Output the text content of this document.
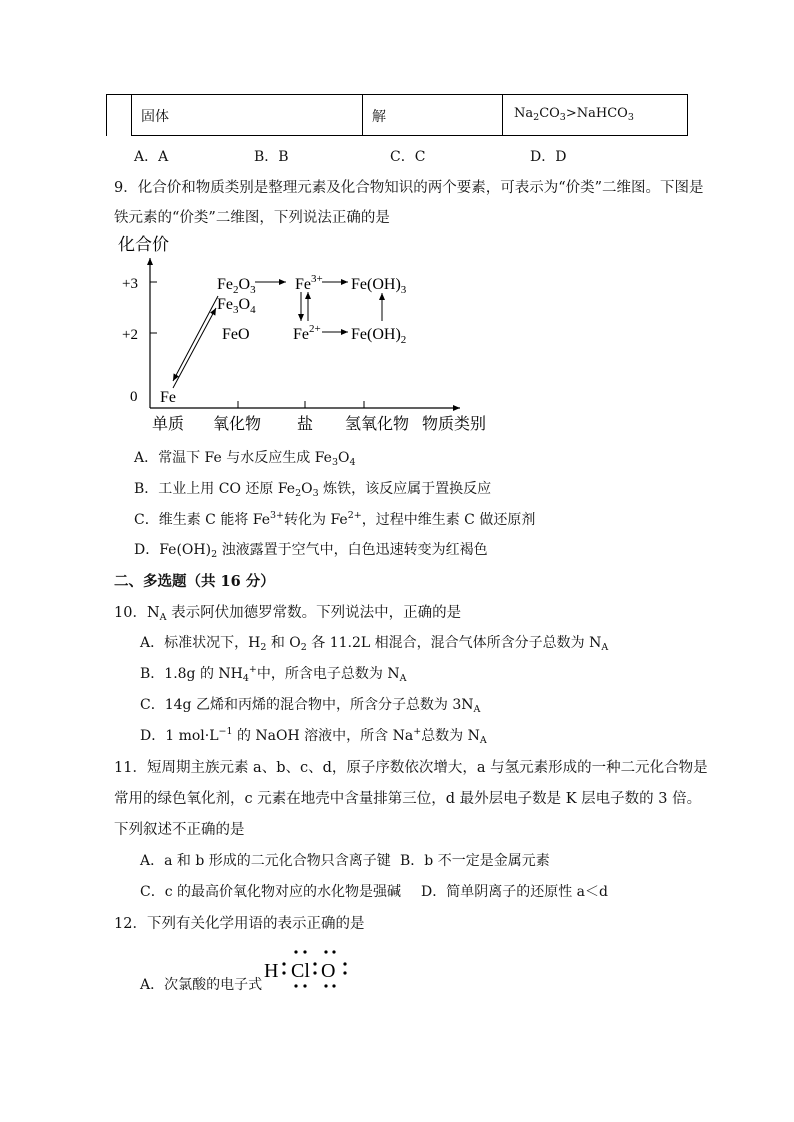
固体	解	$Na_2CO_3>NaHCO_3$
A．A	B．B	C．C	D．D
9．化合价和物质类别是整理元素及化合物知识的两个要素，可表示为“价类”二维图。下图是
铁元素的“价类”二维图，下列说法正确的是
化合价
+3
+2
0
单质 氧化物 盐 氢氧化物 物质类别
Fe
$Fe_2O_3$
$Fe_3O_4$
FeO
$Fe^{3+}$
$Fe^{2+}$
$Fe(OH)_3$
$Fe(OH)_2$
A．常温下 Fe 与水反应生成 $Fe_3O_4$
B．工业上用 CO 还原 $Fe_2O_3$ 炼铁，该反应属于置换反应
C．维生素 C 能将 $Fe^{3+}$转化为 $Fe^{2+}$，过程中维生素 C 做还原剂
D．$Fe(OH)_2$ 浊液露置于空气中，白色迅速转变为红褐色
二、多选题（共 16 分）
10．$N_A$ 表示阿伏加德罗常数。下列说法中，正确的是
A．标准状况下，$H_2$ 和 $O_2$ 各 11.2L 相混合，混合气体所含分子总数为 $N_A$
B．1.8g 的 $NH_4^+$中，所含电子总数为 $N_A$
C．14g 乙烯和丙烯的混合物中，所含分子总数为 $3N_A$
D．1 $mol\cdot L^{-1}$ 的 NaOH 溶液中，所含 Na+总数为 $N_A$
11．短周期主族元素 a、b、c、d，原子序数依次增大，a 与氢元素形成的一种二元化合物是
常用的绿色氧化剂，c 元素在地壳中含量排第三位，d 最外层电子数是 K 层电子数的 3 倍。
下列叙述不正确的是
A．a 和 b 形成的二元化合物只含离子键 B．b 不一定是金属元素
C．c 的最高价氧化物对应的水化物是强碱 D．简单阴离子的还原性 a＜d
12．下列有关化学用语的表示正确的是
A．次氯酸的电子式
H Cl O
